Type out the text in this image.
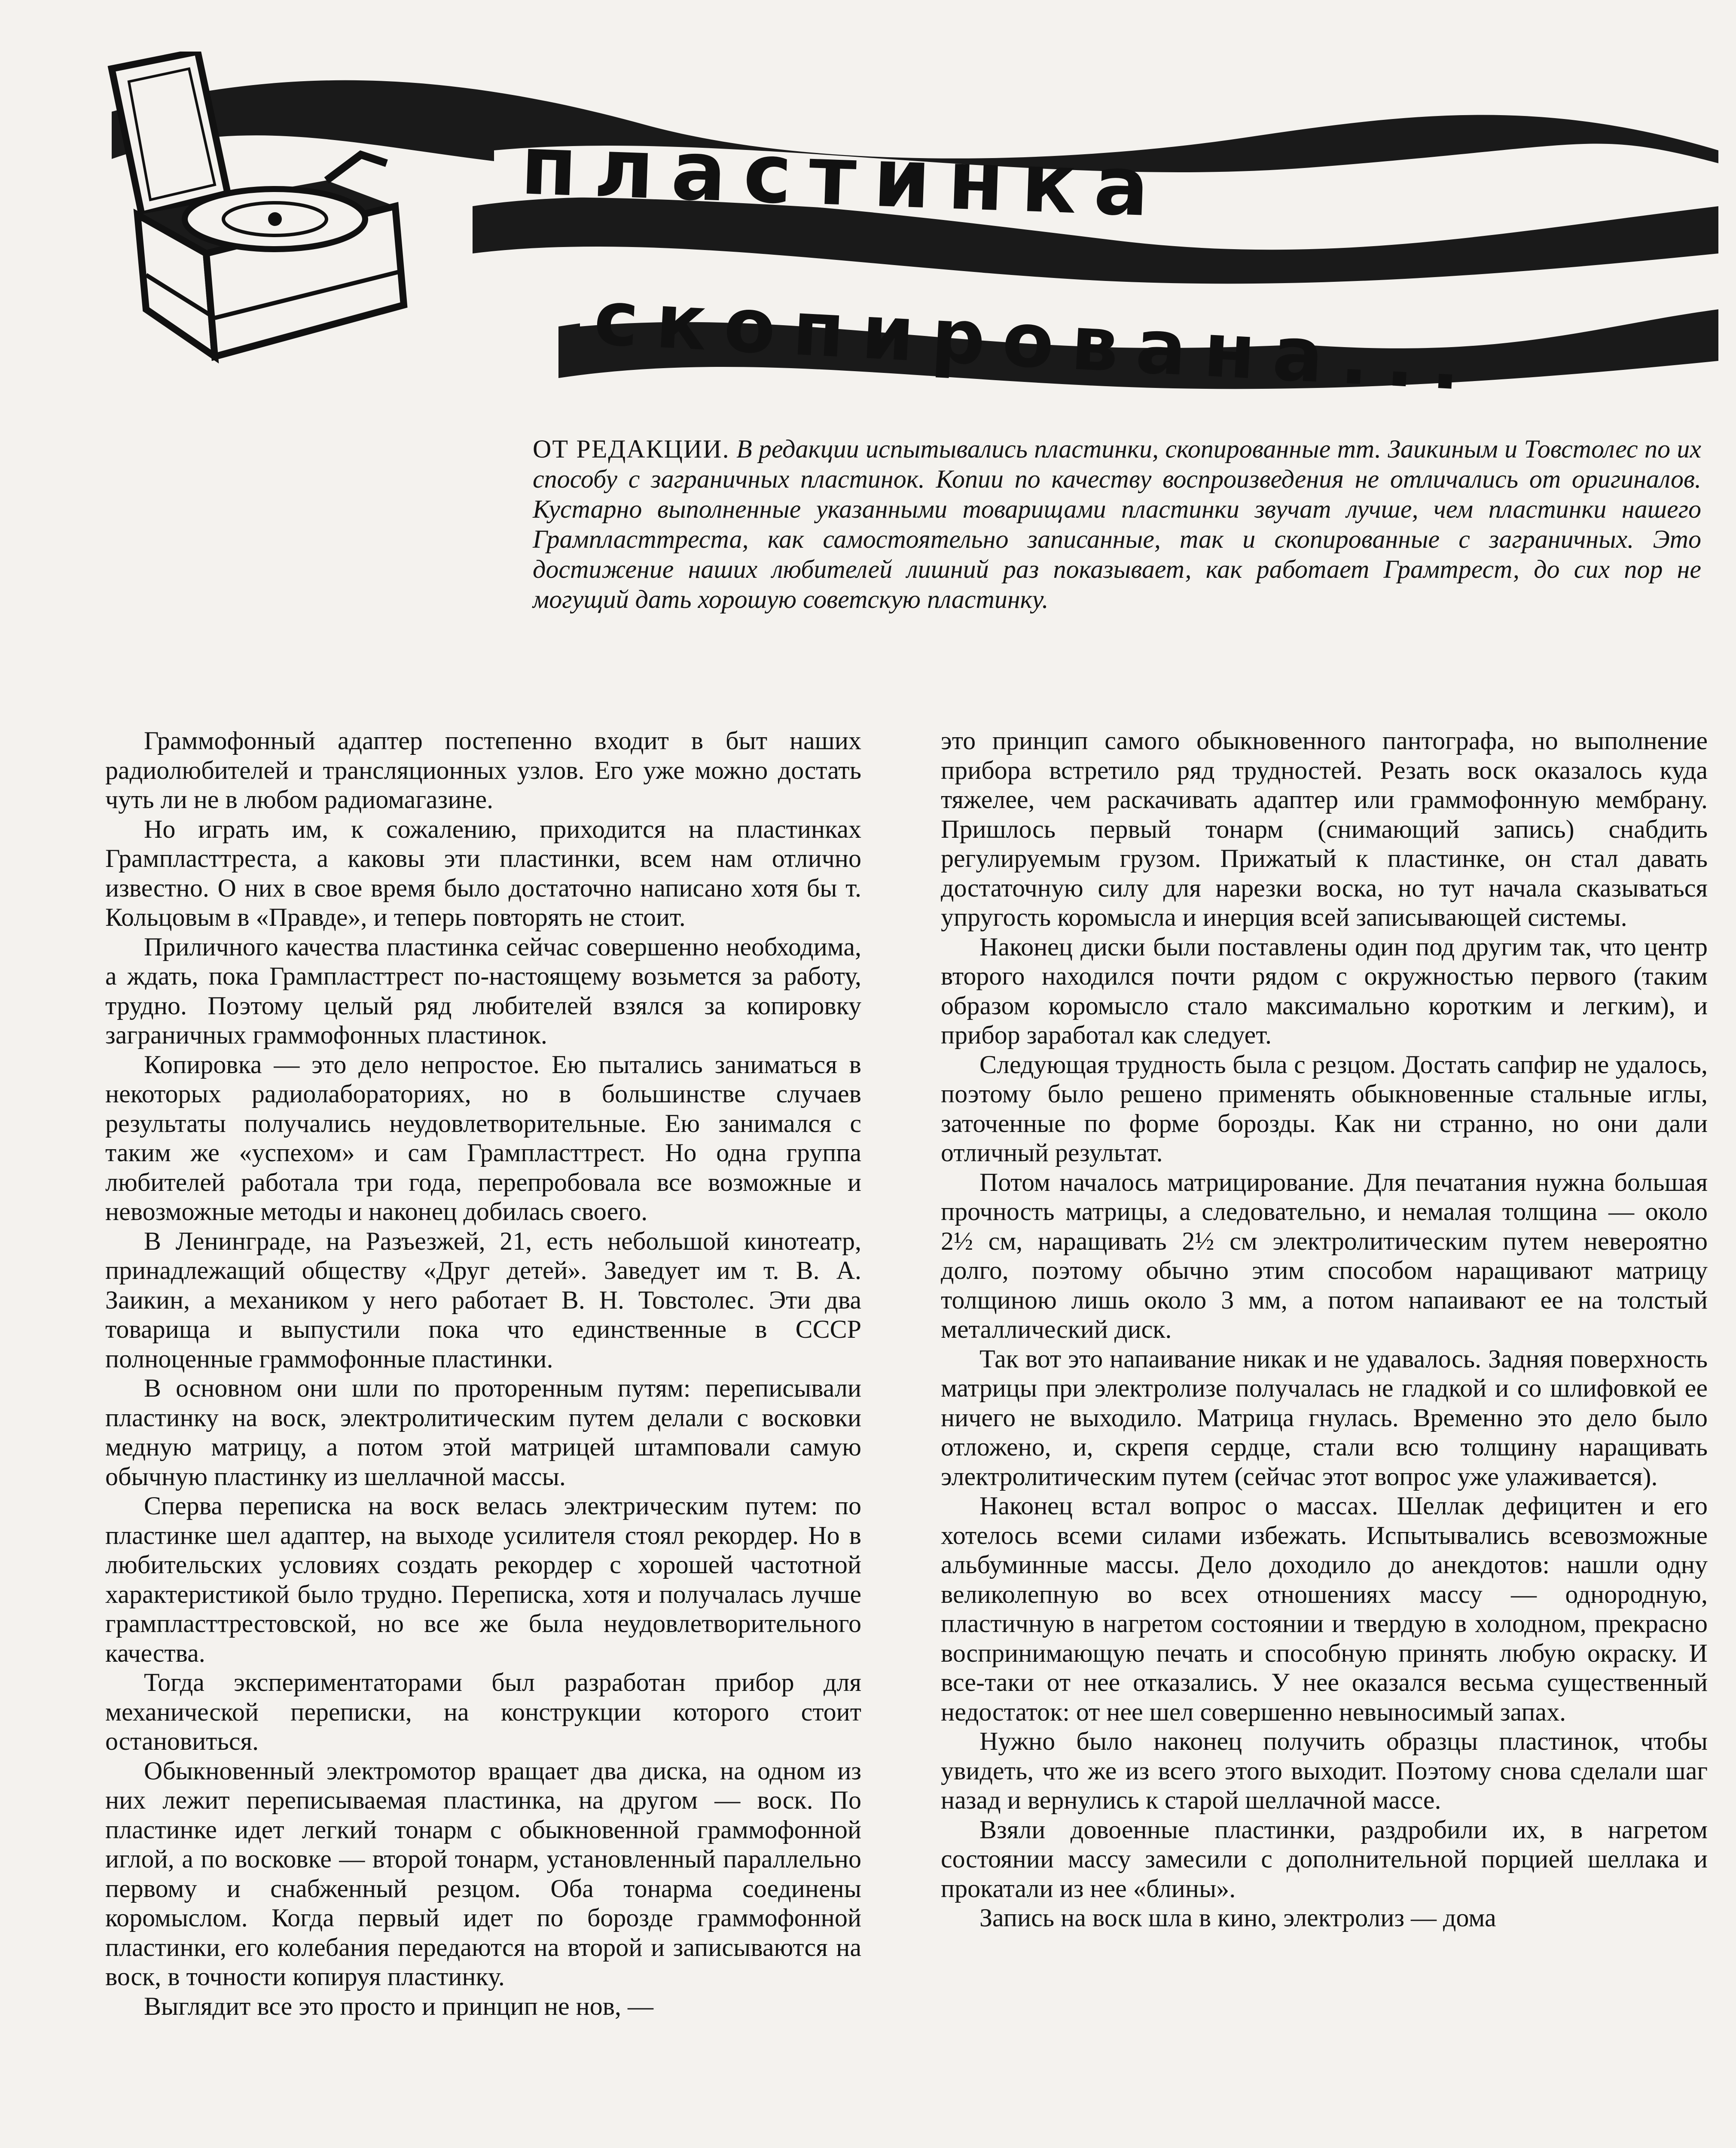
пластинка
скопирована...
ОТ РЕДАКЦИИ. В редакции испытывались пластинки, скопированные тт. Заикиным и Товстолес по их способу с заграничных пластинок. Копии по качеству воспроизведения не отличались от оригиналов. Кустарно выполненные указанными товарищами пластинки звучат лучше, чем пластинки нашего Грампласттреста, как самостоятельно записанные, так и скопированные с заграничных. Это достижение наших любителей лишний раз показывает, как работает Грамтрест, до сих пор не могущий дать хорошую советскую пластинку.

Граммофонный адаптер постепенно входит в быт наших радиолюбителей и трансляционных узлов. Его уже можно достать чуть ли не в любом радиомагазине.

Но играть им, к сожалению, приходится на пластинках Грампласттреста, а каковы эти пластинки, всем нам отлично известно. О них в свое время было достаточно написано хотя бы т. Кольцовым в «Правде», и теперь повторять не стоит.

Приличного качества пластинка сейчас совершенно необходима, а ждать, пока Грампласттрест по-настоящему возьмется за работу, трудно. Поэтому целый ряд любителей взялся за копировку заграничных граммофонных пластинок.

Копировка — это дело непростое. Ею пытались заниматься в некоторых радиолабораториях, но в большинстве случаев результаты получались неудовлетворительные. Ею занимался с таким же «успехом» и сам Грампласттрест. Но одна группа любителей работала три года, перепробовала все возможные и невозможные методы и наконец добилась своего.

В Ленинграде, на Разъезжей, 21, есть небольшой кинотеатр, принадлежащий обществу «Друг детей». Заведует им т. В. А. Заикин, а механиком у него работает В. Н. Товстолес. Эти два товарища и выпустили пока что единственные в СССР полноценные граммофонные пластинки.

В основном они шли по проторенным путям: переписывали пластинку на воск, электролитическим путем делали с восковки медную матрицу, а потом этой матрицей штамповали самую обычную пластинку из шеллачной массы.

Сперва переписка на воск велась электрическим путем: по пластинке шел адаптер, на выходе усилителя стоял рекордер. Но в любительских условиях создать рекордер с хорошей частотной характеристикой было трудно. Переписка, хотя и получалась лучше грампласттрестовской, но все же была неудовлетворительного качества.

Тогда экспериментаторами был разработан прибор для механической переписки, на конструкции которого стоит остановиться.

Обыкновенный электромотор вращает два диска, на одном из них лежит переписываемая пластинка, на другом — воск. По пластинке идет легкий тонарм с обыкновенной граммофонной иглой, а по восковке — второй тонарм, установленный параллельно первому и снабженный резцом. Оба тонарма соединены коромыслом. Когда первый идет по борозде граммофонной пластинки, его колебания передаются на второй и записываются на воск, в точности копируя пластинку.

Выглядит все это просто и принцип не нов, —

это принцип самого обыкновенного пантографа, но выполнение прибора встретило ряд трудностей. Резать воск оказалось куда тяжелее, чем раскачивать адаптер или граммофонную мембрану. Пришлось первый тонарм (снимающий запись) снабдить регулируемым грузом. Прижатый к пластинке, он стал давать достаточную силу для нарезки воска, но тут начала сказываться упругость коромысла и инерция всей записывающей системы.

Наконец диски были поставлены один под другим так, что центр второго находился почти рядом с окружностью первого (таким образом коромысло стало максимально коротким и легким), и прибор заработал как следует.

Следующая трудность была с резцом. Достать сапфир не удалось, поэтому было решено применять обыкновенные стальные иглы, заточенные по форме борозды. Как ни странно, но они дали отличный результат.

Потом началось матрицирование. Для печатания нужна большая прочность матрицы, а следовательно, и немалая толщина — около 2½ см, наращивать 2½ см электролитическим путем невероятно долго, поэтому обычно этим способом наращивают матрицу толщиною лишь около 3 мм, а потом напаивают ее на толстый металлический диск.

Так вот это напаивание никак и не удавалось. Задняя поверхность матрицы при электролизе получалась не гладкой и со шлифовкой ее ничего не выходило. Матрица гнулась. Временно это дело было отложено, и, скрепя сердце, стали всю толщину наращивать электролитическим путем (сейчас этот вопрос уже улаживается).

Наконец встал вопрос о массах. Шеллак дефицитен и его хотелось всеми силами избежать. Испытывались всевозможные альбуминные массы. Дело доходило до анекдотов: нашли одну великолепную во всех отношениях массу — однородную, пластичную в нагретом состоянии и твердую в холодном, прекрасно воспринимающую печать и способную принять любую окраску. И все-таки от нее отказались. У нее оказался весьма существенный недостаток: от нее шел совершенно невыносимый запах.

Нужно было наконец получить образцы пластинок, чтобы увидеть, что же из всего этого выходит. Поэтому снова сделали шаг назад и вернулись к старой шеллачной массе.

Взяли довоенные пластинки, раздробили их, в нагретом состоянии массу замесили с дополнительной порцией шеллака и прокатали из нее «блины».

Запись на воск шла в кино, электролиз — дома
